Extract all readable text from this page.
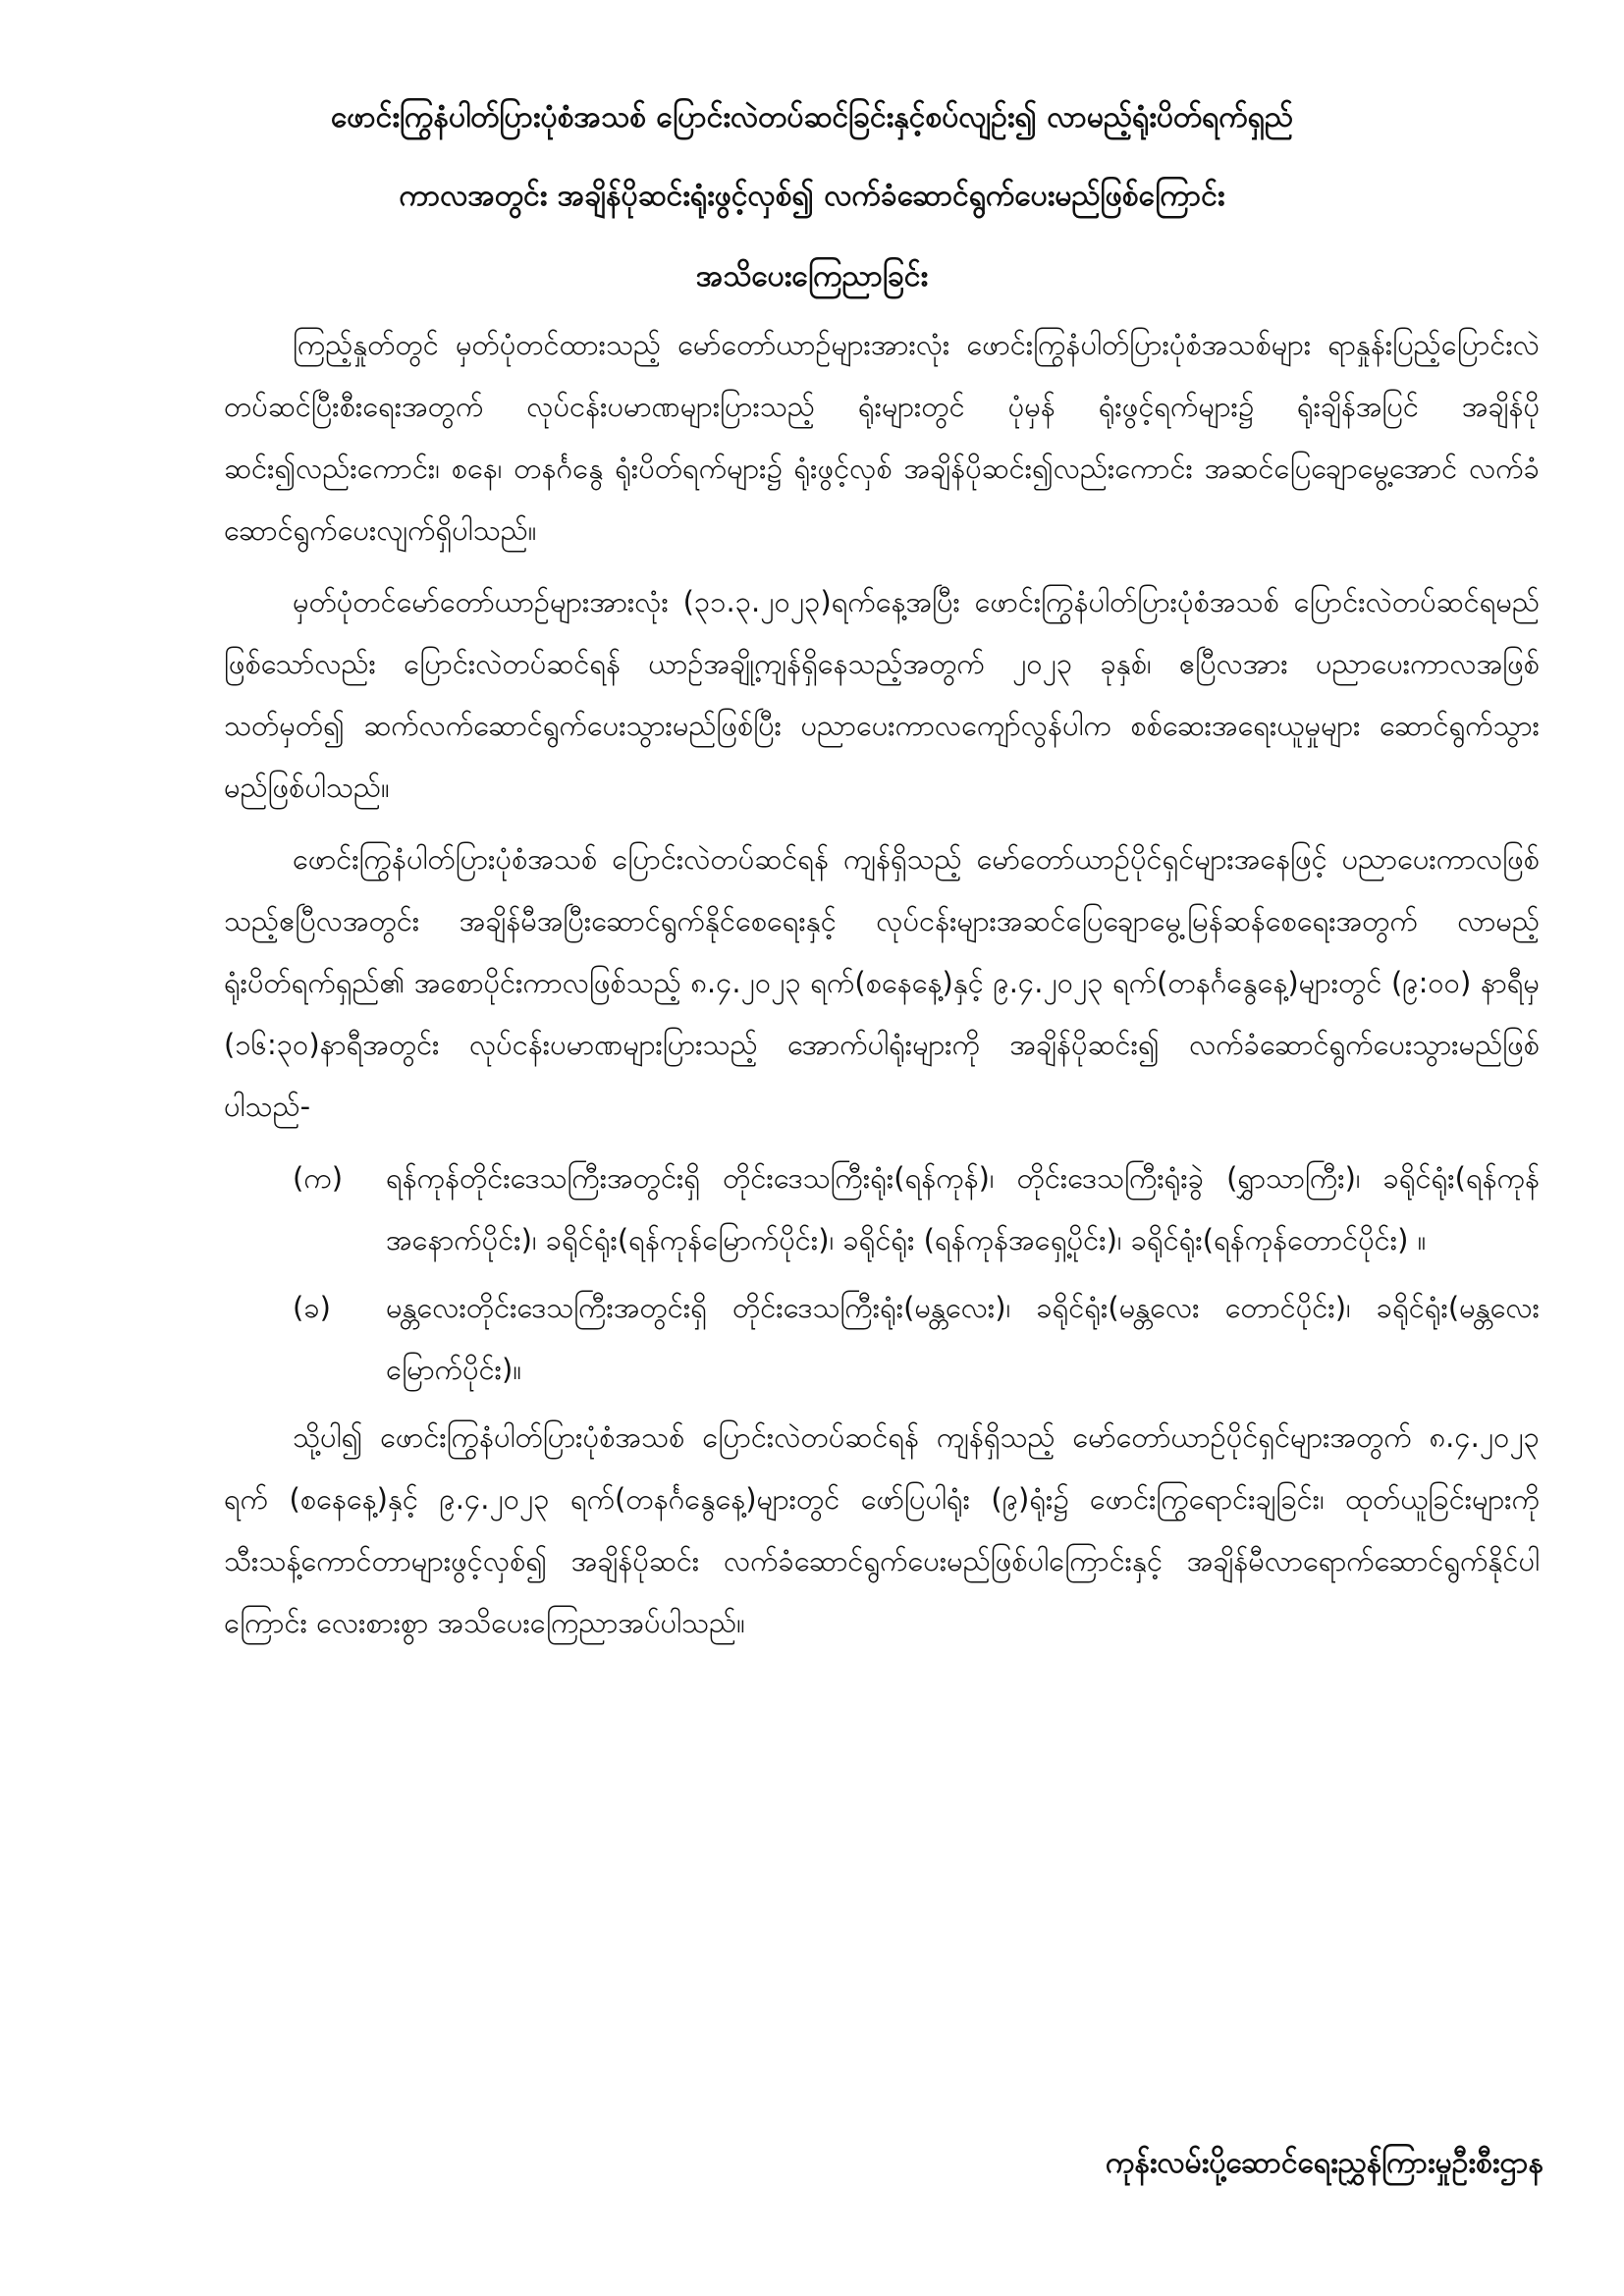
ဖောင်းကြွနံပါတ်ပြားပုံစံအသစ် ပြောင်းလဲတပ်ဆင်ခြင်းနှင့်စပ်လျဉ်း၍ လာမည့်ရုံးပိတ်ရက်ရှည်
ကာလအတွင်း အချိန်ပိုဆင်းရုံးဖွင့်လှစ်၍ လက်ခံဆောင်ရွက်ပေးမည်ဖြစ်ကြောင်း
အသိပေးကြေညာခြင်း

ကြည့်နှုတ်တွင် မှတ်ပုံတင်ထားသည့် မော်တော်ယာဉ်များအားလုံး ဖောင်းကြွနံပါတ်ပြားပုံစံအသစ်များ ရာနှုန်းပြည့်ပြောင်းလဲတပ်ဆင်ပြီးစီးရေးအတွက် လုပ်ငန်းပမာဏများပြားသည့် ရုံးများတွင် ပုံမှန် ရုံးဖွင့်ရက်များ၌ ရုံးချိန်အပြင် အချိန်ပိုဆင်း၍လည်းကောင်း၊ စနေ၊ တနင်္ဂနွေ ရုံးပိတ်ရက်များ၌ ရုံးဖွင့်လှစ် အချိန်ပိုဆင်း၍လည်းကောင်း အဆင်ပြေချောမွေ့အောင် လက်ခံဆောင်ရွက်ပေးလျက်ရှိပါသည်။

မှတ်ပုံတင်မော်တော်ယာဉ်များအားလုံး (၃၁.၃.၂၀၂၃)ရက်နေ့အပြီး ဖောင်းကြွနံပါတ်ပြားပုံစံအသစ် ပြောင်းလဲတပ်ဆင်ရမည်ဖြစ်သော်လည်း ပြောင်းလဲတပ်ဆင်ရန် ယာဉ်အချို့ကျန်ရှိနေသည့်အတွက် ၂၀၂၃ ခုနှစ်၊ ဧပြီလအား ပညာပေးကာလအဖြစ်သတ်မှတ်၍ ဆက်လက်ဆောင်ရွက်ပေးသွားမည်ဖြစ်ပြီး ပညာပေးကာလကျော်လွန်ပါက စစ်ဆေးအရေးယူမှုများ ဆောင်ရွက်သွားမည်ဖြစ်ပါသည်။

ဖောင်းကြွနံပါတ်ပြားပုံစံအသစ် ပြောင်းလဲတပ်ဆင်ရန် ကျန်ရှိသည့် မော်တော်ယာဉ်ပိုင်ရှင်များအနေဖြင့် ပညာပေးကာလဖြစ်သည့်ဧပြီလအတွင်း အချိန်မီအပြီးဆောင်ရွက်နိုင်စေရေးနှင့် လုပ်ငန်းများအဆင်ပြေချောမွေ့မြန်ဆန်စေရေးအတွက် လာမည့်ရုံးပိတ်ရက်ရှည်၏ အစောပိုင်းကာလဖြစ်သည့် ၈.၄.၂၀၂၃ ရက်(စနေနေ့)နှင့် ၉.၄.၂၀၂၃ ရက်(တနင်္ဂနွေနေ့)များတွင် (၉:၀၀) နာရီမှ (၁၆:၃၀)နာရီအတွင်း လုပ်ငန်းပမာဏများပြားသည့် အောက်ပါရုံးများကို အချိန်ပိုဆင်း၍ လက်ခံဆောင်ရွက်ပေးသွားမည်ဖြစ်ပါသည်-

(က)	ရန်ကုန်တိုင်းဒေသကြီးအတွင်းရှိ တိုင်းဒေသကြီးရုံး(ရန်ကုန်)၊ တိုင်းဒေသကြီးရုံးခွဲ (ရွှာသာကြီး)၊ ခရိုင်ရုံး(ရန်ကုန်အနောက်ပိုင်း)၊ ခရိုင်ရုံး(ရန်ကုန်မြောက်ပိုင်း)၊ ခရိုင်ရုံး (ရန်ကုန်အရှေ့ပိုင်း)၊ ခရိုင်ရုံး(ရန်ကုန်တောင်ပိုင်း) ။
(ခ)	မန္တလေးတိုင်းဒေသကြီးအတွင်းရှိ တိုင်းဒေသကြီးရုံး(မန္တလေး)၊ ခရိုင်ရုံး(မန္တလေး တောင်ပိုင်း)၊ ခရိုင်ရုံး(မန္တလေးမြောက်ပိုင်း)။

သို့ပါ၍ ဖောင်းကြွနံပါတ်ပြားပုံစံအသစ် ပြောင်းလဲတပ်ဆင်ရန် ကျန်ရှိသည့် မော်တော်ယာဉ်ပိုင်ရှင်များအတွက် ၈.၄.၂၀၂၃ ရက် (စနေနေ့)နှင့် ၉.၄.၂၀၂၃ ရက်(တနင်္ဂနွေနေ့)များတွင် ဖော်ပြပါရုံး (၉)ရုံး၌ ဖောင်းကြွရောင်းချခြင်း၊ ထုတ်ယူခြင်းများကို သီးသန့်ကောင်တာများဖွင့်လှစ်၍ အချိန်ပိုဆင်း လက်ခံဆောင်ရွက်ပေးမည်ဖြစ်ပါကြောင်းနှင့် အချိန်မီလာရောက်ဆောင်ရွက်နိုင်ပါကြောင်း လေးစားစွာ အသိပေးကြေညာအပ်ပါသည်။

ကုန်းလမ်းပို့ဆောင်ရေးညွှန်ကြားမှုဦးစီးဌာန
